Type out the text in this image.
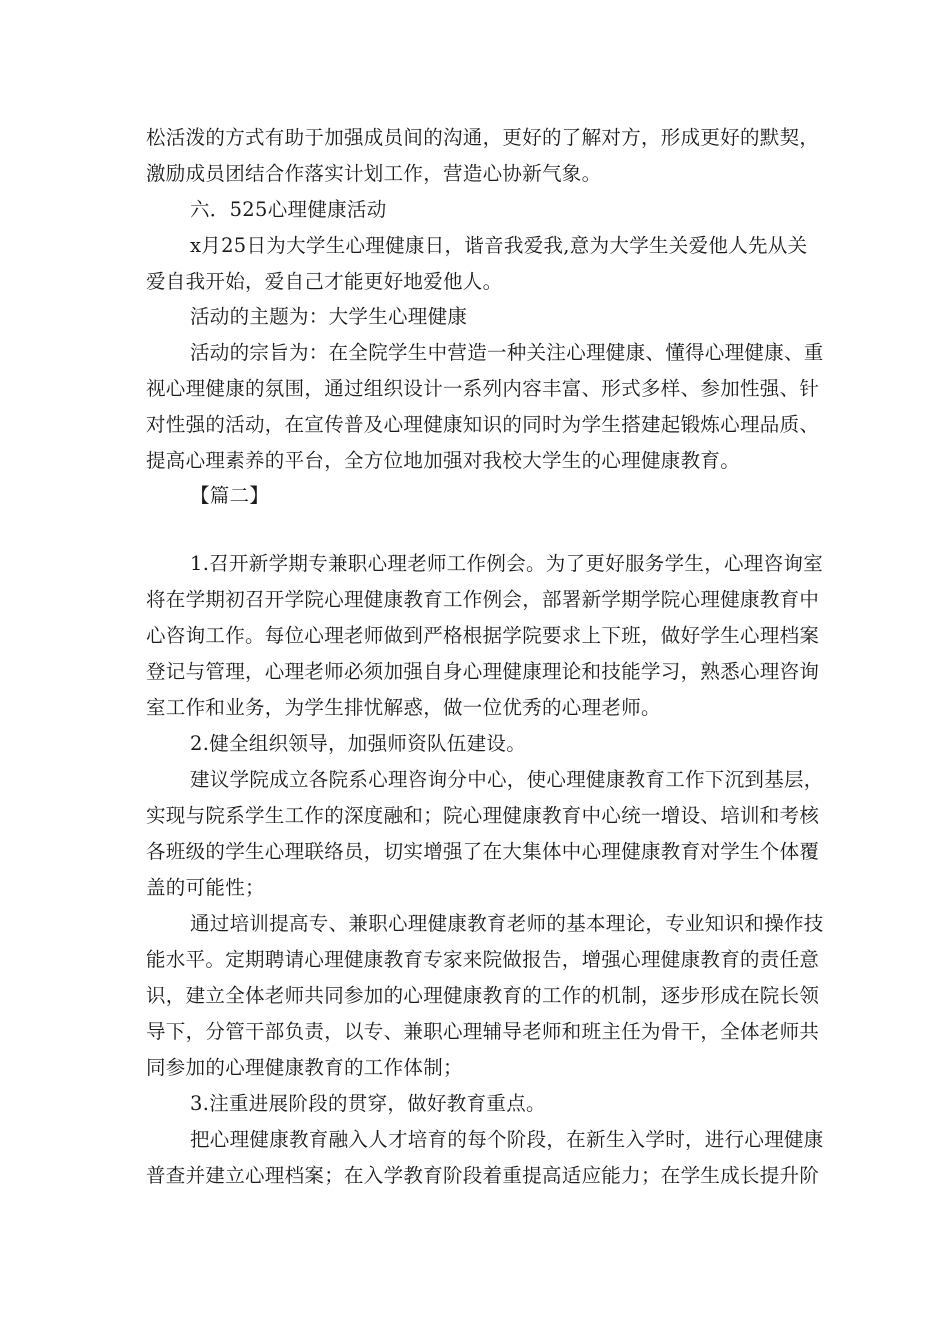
松活泼的方式有助于加强成员间的沟通，更好的了解对方，形成更好的默契，
激励成员团结合作落实计划工作，营造心协新气象。
六．525心理健康活动
x月25日为大学生心理健康日，谐音我爱我,意为大学生关爱他人先从关
爱自我开始，爱自己才能更好地爱他人。
活动的主题为：大学生心理健康
活动的宗旨为：在全院学生中营造一种关注心理健康、懂得心理健康、重
视心理健康的氛围，通过组织设计一系列内容丰富、形式多样、参加性强、针
对性强的活动，在宣传普及心理健康知识的同时为学生搭建起锻炼心理品质、
提高心理素养的平台，全方位地加强对我校大学生的心理健康教育。
【篇二】
1.召开新学期专兼职心理老师工作例会。为了更好服务学生，心理咨询室
将在学期初召开学院心理健康教育工作例会，部署新学期学院心理健康教育中
心咨询工作。每位心理老师做到严格根据学院要求上下班，做好学生心理档案
登记与管理，心理老师必须加强自身心理健康理论和技能学习，熟悉心理咨询
室工作和业务，为学生排忧解惑，做一位优秀的心理老师。
2.健全组织领导，加强师资队伍建设。
建议学院成立各院系心理咨询分中心，使心理健康教育工作下沉到基层，
实现与院系学生工作的深度融和；院心理健康教育中心统一增设、培训和考核
各班级的学生心理联络员，切实增强了在大集体中心理健康教育对学生个体覆
盖的可能性；
通过培训提高专、兼职心理健康教育老师的基本理论，专业知识和操作技
能水平。定期聘请心理健康教育专家来院做报告，增强心理健康教育的责任意
识，建立全体老师共同参加的心理健康教育的工作的机制，逐步形成在院长领
导下，分管干部负责，以专、兼职心理辅导老师和班主任为骨干，全体老师共
同参加的心理健康教育的工作体制；
3.注重进展阶段的贯穿，做好教育重点。
把心理健康教育融入人才培育的每个阶段，在新生入学时，进行心理健康
普查并建立心理档案；在入学教育阶段着重提高适应能力；在学生成长提升阶
